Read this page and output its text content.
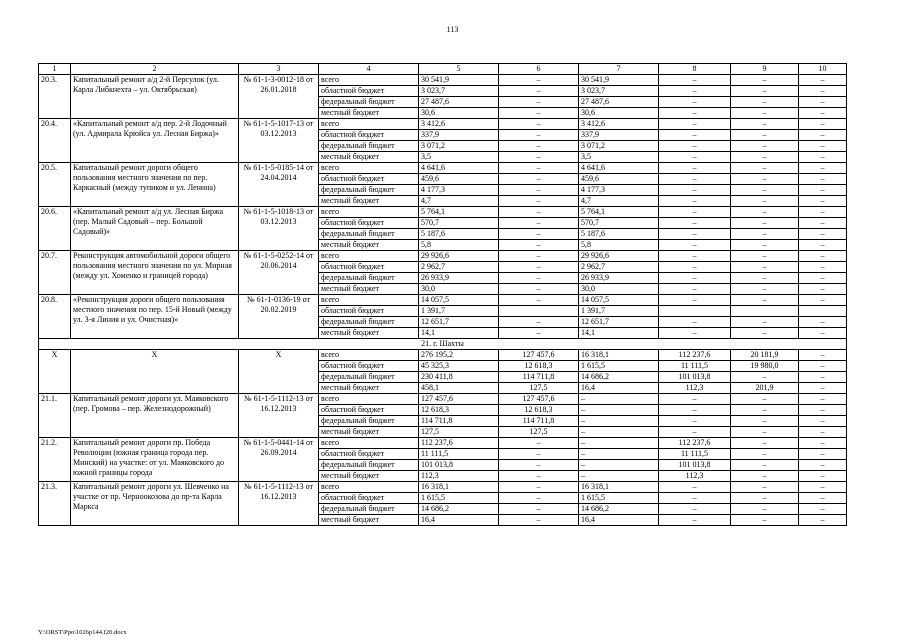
113
1	2	3	4	5	6	7	8	9	10
20.3.	Капитальный ремонт а/д 2-й Персулок (ул. Карла Либкнехта – ул. Октябрьская)	№ 61-1-3-0012-18 от 26.01.2018	всего	30 541,9	–	30 541,9	–	–	–
			областной бюджет	3 023,7	–	3 023,7	–	–	–
			федеральный бюджет	27 487,6	–	27 487,6	–	–	–
			местный бюджет	30,6	–	30,6	–	–	–
20.4.	«Капитальный ремонт а/д пер. 2-й Лодочный (ул. Адмирала Крюйса ул. Лесная Биржа)»	№ 61-1-5-1017-13 от 03.12.2013	всего	3 412,6	–	3 412,6	–	–	–
			областной бюджет	337,9	–	337,9	–	–	–
			федеральный бюджет	3 071,2	–	3 071,2	–	–	–
			местный бюджет	3,5	–	3,5	–	–	–
20.5.	Капитальный ремонт дороги общего пользования местного значения по пер. Каркасный (между тупиком и ул. Ленина)	№ 61-1-5-0185-14 от 24.04.2014	всего	4 641,6	–	4 641,6	–	–	–
			областной бюджет	459,6	–	459,6	–	–	–
			федеральный бюджет	4 177,3	–	4 177,3	–	–	–
			местный бюджет	4,7	–	4,7	–	–	–
20.6.	«Капитальный ремонт а/д ул. Лесная Биржа (пер. Малый Садовый – пер. Большой Садовый)»	№ 61-1-5-1018-13 от 03.12.2013	всего	5 764,1	–	5 764,1	–	–	–
			областной бюджет	570,7	–	570,7	–	–	–
			федеральный бюджет	5 187,6	–	5 187,6	–	–	–
			местный бюджет	5,8	–	5,8	–	–	–
20.7.	Реконструкция автомобильной дороги общего пользования местного значения по ул. Мирная (между ул. Хоменко и границей города)	№ 61-1-5-0252-14 от 20.06.2014	всего	29 926,6	–	29 926,6	–	–	–
			областной бюджет	2 962,7	–	2 962,7	–	–	–
			федеральный бюджет	26 933,9	–	26 933,9	–	–	–
			местный бюджет	30,0	–	30,0	–	–	–
20.8.	«Реконструкция дороги общего пользования местного значения по пер. 15-й Новый (между ул. 3-я Линия и ул. Очистная)»	№ 61-1-0136-19 от 20.02.2019	всего	14 057,5	–	14 057,5	–	–	–
			областной бюджет	1 391,7		1 391,7			
			федеральный бюджет	12 651,7	–	12 651,7	–	–	–
			местный бюджет	14,1	–	14,1	–	–	–
21. г. Шахты									
Х	Х	Х	всего	276 195,2	127 457,6	16 318,1	112 237,6	20 181,9	–
			областной бюджет	45 325,3	12 618,3	1 615,5	11 111,5	19 980,0	–
			федеральный бюджет	230 411,8	114 711,8	14 686,2	101 013,8	–	–
			местный бюджет	458,1	127,5	16,4	112,3	201,9	–
21.1.	Капитальный ремонт дороги ул. Маяковского (пер. Громова – пер. Железнодорожный)	№ 61-1-5-1112-13 от 16.12.2013	всего	127 457,6	127 457,6	–	–	–	–
			областной бюджет	12 618,3	12 618,3	–	–	–	–
			федеральный бюджет	114 711,8	114 711,8	–	–	–	–
			местный бюджет	127,5	127,5	–	–	–	–
21.2.	Капитальный ремонт дороги пр. Победа Революции (южная граница города пер. Минский) на участке: от ул. Маяковского до южной границы города	№ 61-1-5-0441-14 от 26.09.2014	всего	112 237,6	–	–	112 237,6	–	–
			областной бюджет	11 111,5	–	–	11 111,5	–	–
			федеральный бюджет	101 013,8	–	–	101 013,8	–	–
			местный бюджет	112,3	–	–	112,3	–	–
21.3.	Капитальный ремонт дороги ул. Шевченко на участке от пр. Черноокозова до пр-та Карла Маркса	№ 61-1-5-1112-13 от 16.12.2013	всего	16 318,1	–	16 318,1	–	–	–
			областной бюджет	1 615,5	–	1 615,5	–	–	–
			федеральный бюджет	14 686,2	–	14 686,2	–	–	–
			местный бюджет	16,4	–	16,4	–	–	–
Y:\ORST\Ppo\1026p144.f20.docx
